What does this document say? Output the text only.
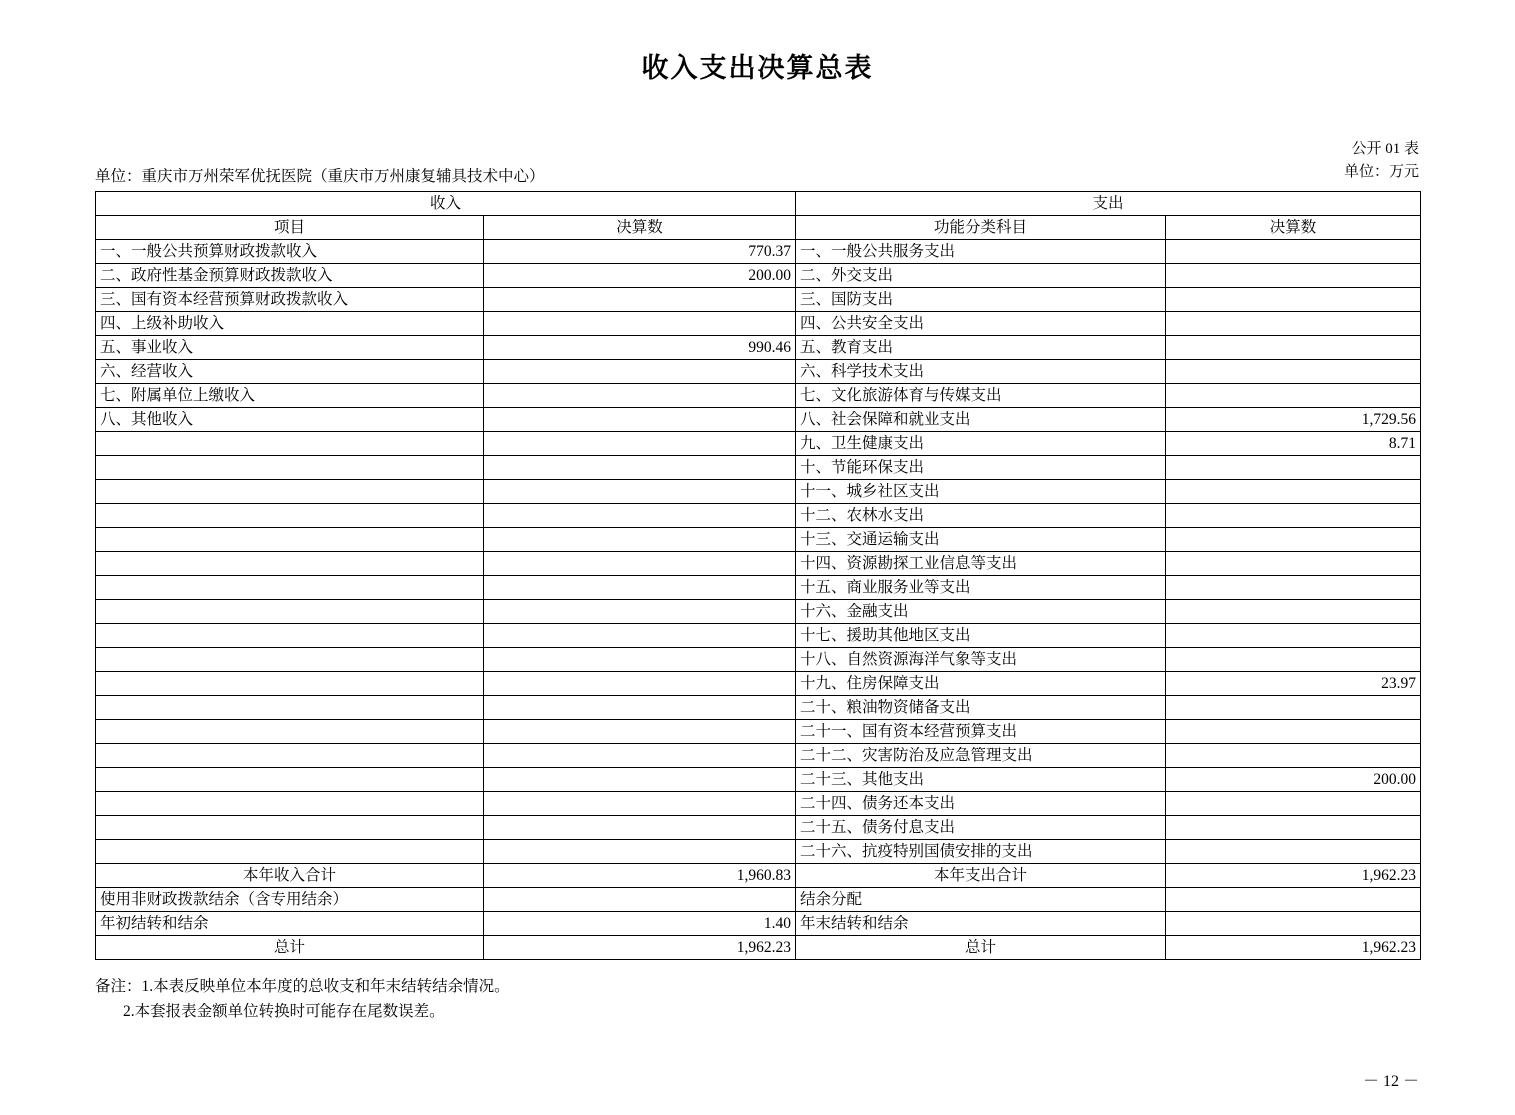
收入支出决算总表
公开 01 表
单位：万元
单位：重庆市万州荣军优抚医院（重庆市万州康复辅具技术中心）
收入		支出	
项目	决算数	功能分类科目	决算数
一、一般公共预算财政拨款收入	770.37	一、一般公共服务支出	
二、政府性基金预算财政拨款收入	200.00	二、外交支出	
三、国有资本经营预算财政拨款收入		三、国防支出	
四、上级补助收入		四、公共安全支出	
五、事业收入	990.46	五、教育支出	
六、经营收入		六、科学技术支出	
七、附属单位上缴收入		七、文化旅游体育与传媒支出	
八、其他收入		八、社会保障和就业支出	1,729.56
		九、卫生健康支出	8.71
		十、节能环保支出	
		十一、城乡社区支出	
		十二、农林水支出	
		十三、交通运输支出	
		十四、资源勘探工业信息等支出	
		十五、商业服务业等支出	
		十六、金融支出	
		十七、援助其他地区支出	
		十八、自然资源海洋气象等支出	
		十九、住房保障支出	23.97
		二十、粮油物资储备支出	
		二十一、国有资本经营预算支出	
		二十二、灾害防治及应急管理支出	
		二十三、其他支出	200.00
		二十四、债务还本支出	
		二十五、债务付息支出	
		二十六、抗疫特别国债安排的支出	
本年收入合计	1,960.83	本年支出合计	1,962.23
使用非财政拨款结余（含专用结余）		结余分配	
年初结转和结余	1.40	年末结转和结余	
总计	1,962.23	总计	1,962.23
备注：1.本表反映单位本年度的总收支和年末结转结余情况。
2.本套报表金额单位转换时可能存在尾数误差。
－ 12 －
